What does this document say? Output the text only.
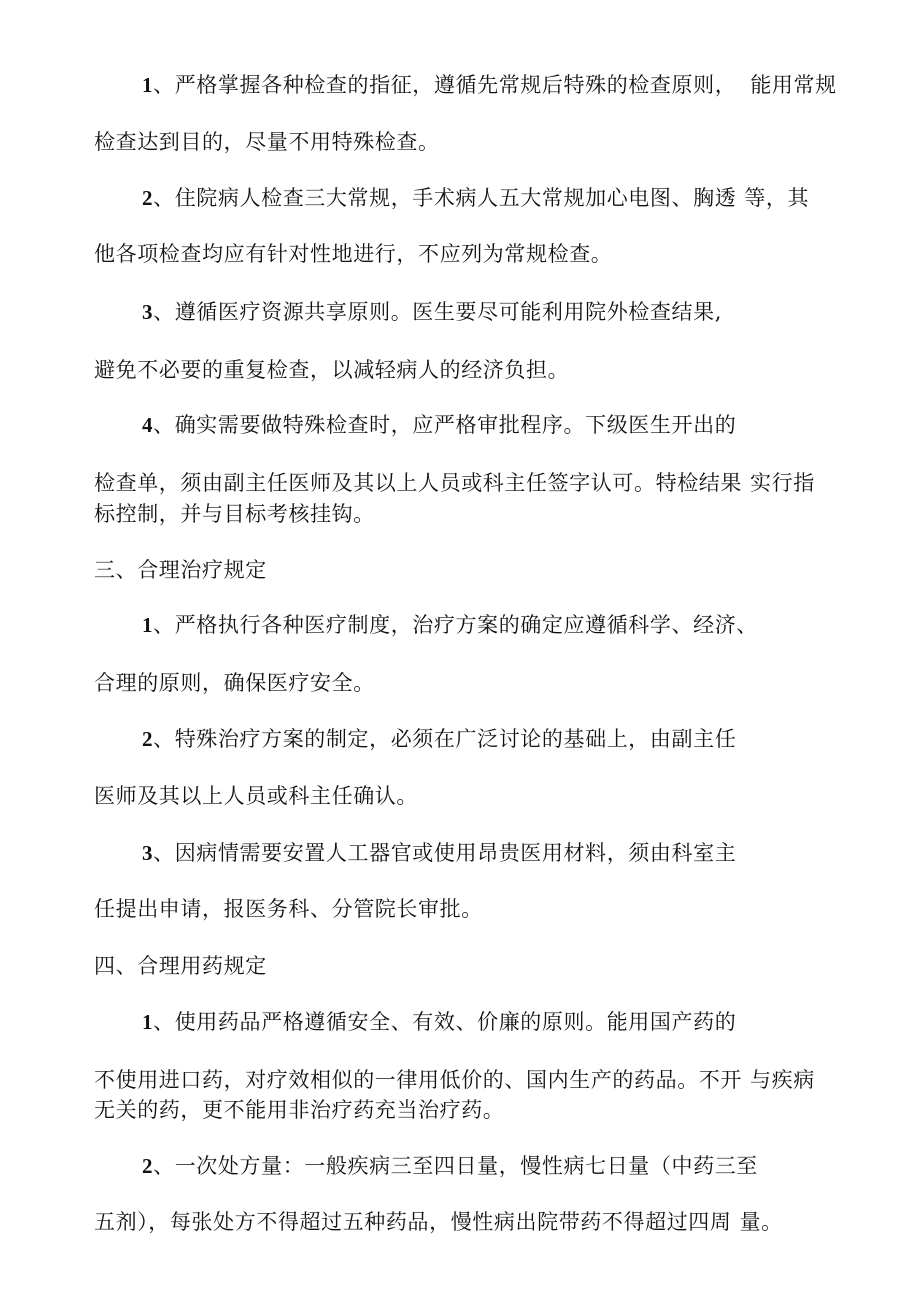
1、严格掌握各种检查的指征，遵循先常规后特殊的检查原则， 能用常规
检查达到目的，尽量不用特殊检查。
2、住院病人检查三大常规，手术病人五大常规加心电图、胸透 等，其
他各项检查均应有针对性地进行，不应列为常规检查。
3、遵循医疗资源共享原则。医生要尽可能利用院外检查结果,
避免不必要的重复检查，以减轻病人的经济负担。
4、确实需要做特殊检查时，应严格审批程序。下级医生开出的
检查单，须由副主任医师及其以上人员或科主任签字认可。特检结果 实行指
标控制，并与目标考核挂钩。
三、合理治疗规定
1、严格执行各种医疗制度，治疗方案的确定应遵循科学、经济、
合理的原则，确保医疗安全。
2、特殊治疗方案的制定，必须在广泛讨论的基础上，由副主任
医师及其以上人员或科主任确认。
3、因病情需要安置人工器官或使用昂贵医用材料，须由科室主
任提出申请，报医务科、分管院长审批。
四、合理用药规定
1、使用药品严格遵循安全、有效、价廉的原则。能用国产药的
不使用进口药，对疗效相似的一律用低价的、国内生产的药品。不开 与疾病
无关的药，更不能用非治疗药充当治疗药。
2、一次处方量：一般疾病三至四日量，慢性病七日量（中药三至
五剂），每张处方不得超过五种药品，慢性病出院带药不得超过四周 量。
